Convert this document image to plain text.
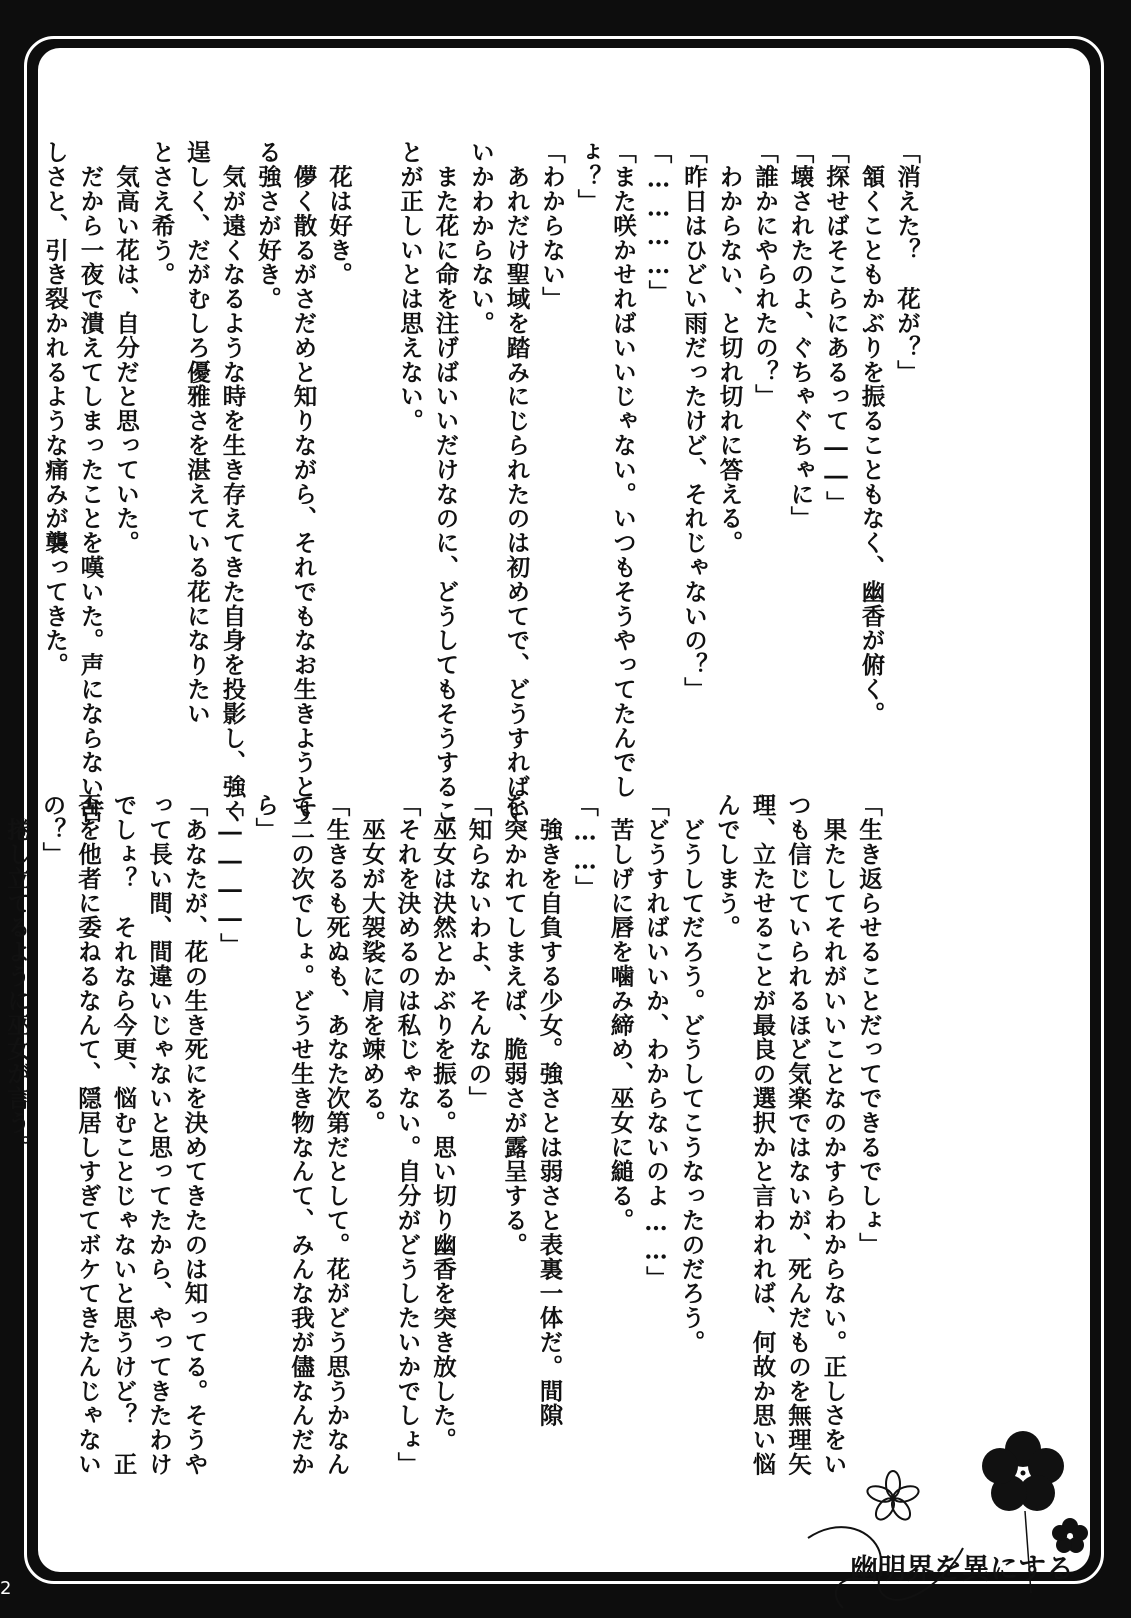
「消えた？　花が？」

　頷くこともかぶりを振ることもなく、幽香が俯く。

「探せばそこらにあるって――」

「壊されたのよ、ぐちゃぐちゃに」

「誰かにやられたの？」

　わからない、と切れ切れに答える。

「昨日はひどい雨だったけど、それじゃないの？」

「…………」

「また咲かせればいいじゃない。いつもそうやってたんでし

ょ？」

「わからない」

　あれだけ聖域を踏みにじられたのは初めてで、どうすればい

いかわからない。

　また花に命を注げばいいだけなのに、どうしてもそうするこ

とが正しいとは思えない。

　花は好き。

　儚く散るがさだめと知りながら、それでもなお生きようとす

る強さが好き。

　気が遠くなるような時を生き存えてきた自身を投影し、強く

逞しく、だがむしろ優雅さを湛えている花になりたい

とさえ希う。

　気高い花は、自分だと思っていた。

　だから一夜で潰えてしまったことを嘆いた。声にならない苦

しさと、引き裂かれるような痛みが襲ってきた。

「生き返らせることだってできるでしょ」

　果たしてそれがいいことなのかすらわからない。正しさをい

つも信じていられるほど気楽ではないが、死んだものを無理矢

理、立たせることが最良の選択かと言われれば、何故か思い悩

んでしまう。

　どうしてだろう。どうしてこうなったのだろう。

「どうすればいいか、わからないのよ……」

　苦しげに唇を噛み締め、巫女に縋る。

「……」

　強きを自負する少女。強さとは弱さと表裏一体だ。間隙

を突かれてしまえば、脆弱さが露呈する。

「知らないわよ、そんなの」

　巫女は決然とかぶりを振る。思い切り幽香を突き放した。

「それを決めるのは私じゃない。自分がどうしたいかでしょ」

　巫女が大袈裟に肩を竦める。

「生きるも死ぬも、あなた次第だとして。花がどう思うかなん

て二の次でしょ。どうせ生き物なんて、みんな我が儘なんだか

ら」

「――――」

「あなたが、花の生き死にを決めてきたのは知ってる。そうや

って長い間、間違いじゃないと思ってたから、やってきたわけ

でしょ？　それなら今更、悩むことじゃないと思うけど？　正

否を他者に委ねるなんて、隠居しすぎてボケてきたんじゃない

の？」

　捲し立てるように巫女が言う。

幽明界を異にする
2
